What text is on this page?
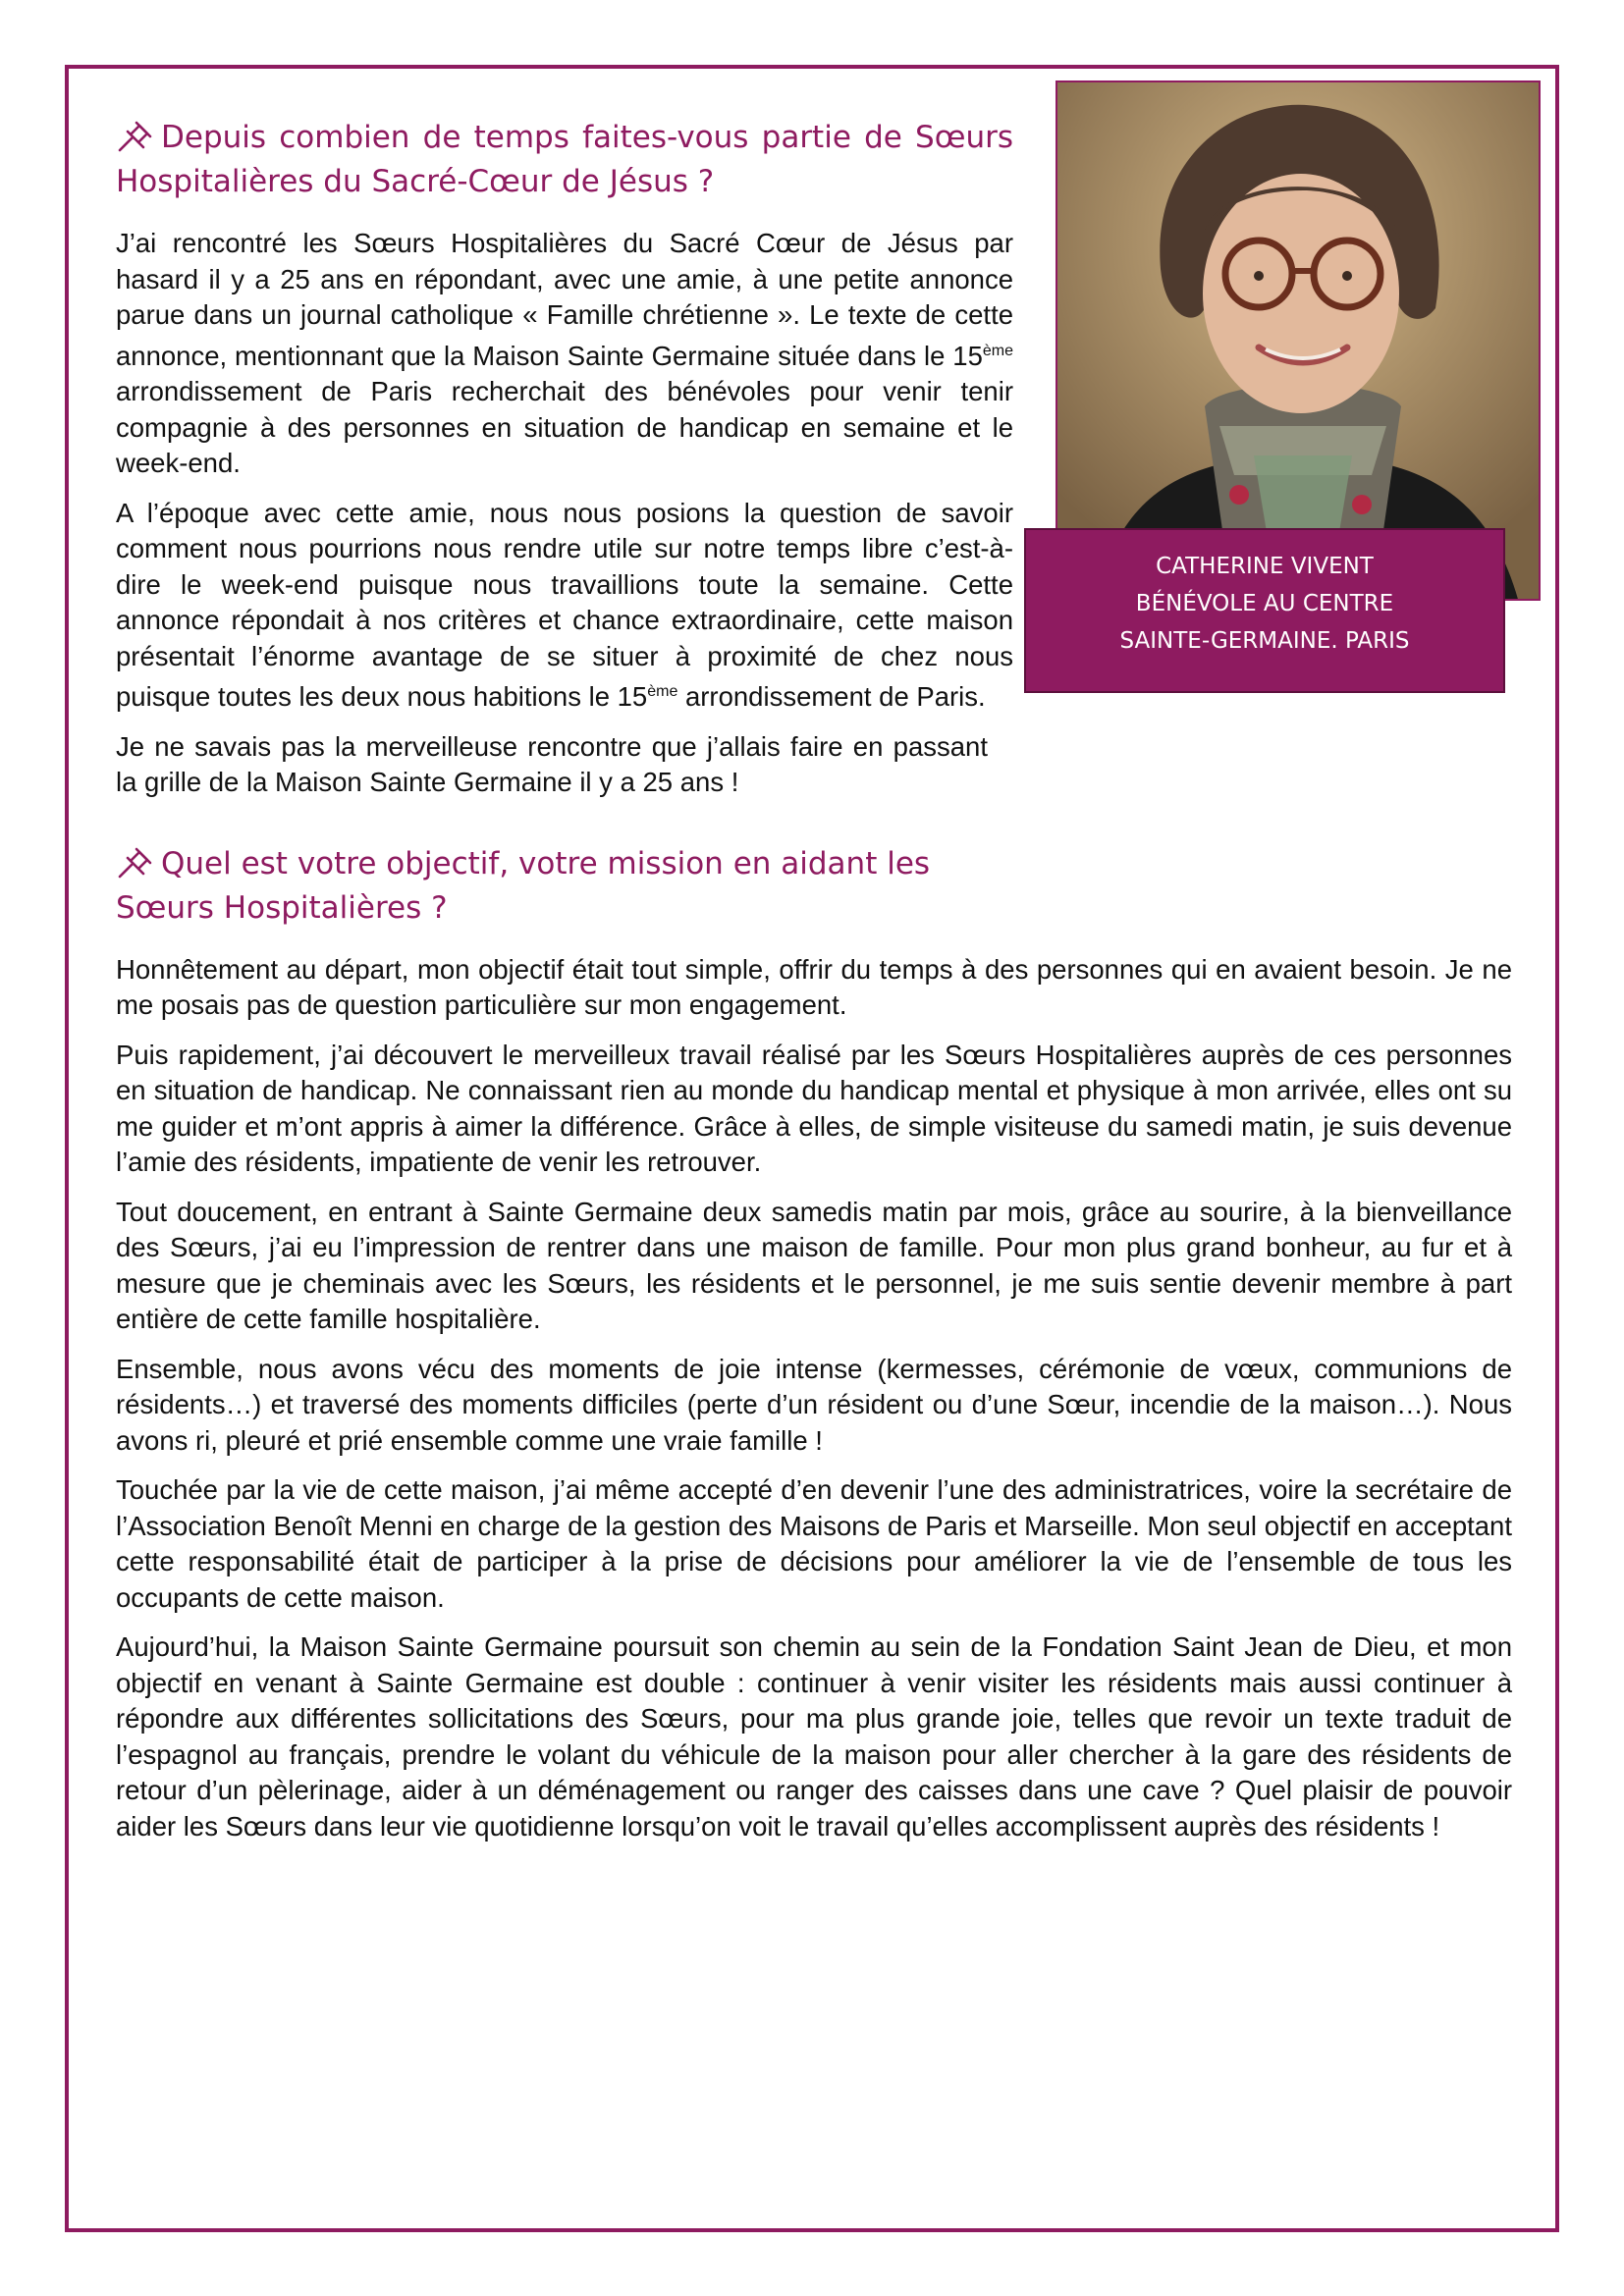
CATHERINE VIVENT
BÉNÉVOLE AU CENTRE
SAINTE-GERMAINE. PARIS
Depuis combien de temps faites-vous partie de Sœurs Hospitalières du Sacré-Cœur de Jésus ?

J’ai rencontré les Sœurs Hospitalières du Sacré Cœur de Jésus par hasard il y a 25 ans en répondant, avec une amie, à une petite annonce parue dans un journal catholique « Famille chrétienne ». Le texte de cette annonce, mentionnant que la Maison Sainte Germaine située dans le 15ème arrondissement de Paris recherchait des bénévoles pour venir tenir compagnie à des personnes en situation de handicap en semaine et le week-end.

A l’époque avec cette amie, nous nous posions la question de savoir comment nous pourrions nous rendre utile sur notre temps libre c’est-à-dire le week-end puisque nous travaillions toute la semaine. Cette annonce répondait à nos critères et chance extraordinaire, cette maison présentait l’énorme avantage de se situer à proximité de chez nous puisque toutes les deux nous habitions le 15ème arrondissement de Paris.

Je ne savais pas la merveilleuse rencontre que j’allais faire en passant la grille de la Maison Sainte Germaine il y a 25 ans !

Quel est votre objectif, votre mission en aidant les Sœurs Hospitalières ?

Honnêtement au départ, mon objectif était tout simple, offrir du temps à des personnes qui en avaient besoin. Je ne me posais pas de question particulière sur mon engagement.

Puis rapidement, j’ai découvert le merveilleux travail réalisé par les Sœurs Hospitalières auprès de ces personnes en situation de handicap. Ne connaissant rien au monde du handicap mental et physique à mon arrivée, elles ont su me guider et m’ont appris à aimer la différence. Grâce à elles, de simple visiteuse du samedi matin, je suis devenue l’amie des résidents, impatiente de venir les retrouver.

Tout doucement, en entrant à Sainte Germaine deux samedis matin par mois, grâce au sourire, à la bienveillance des Sœurs, j’ai eu l’impression de rentrer dans une maison de famille. Pour mon plus grand bonheur, au fur et à mesure que je cheminais avec les Sœurs, les résidents et le personnel, je me suis sentie devenir membre à part entière de cette famille hospitalière.

Ensemble, nous avons vécu des moments de joie intense (kermesses, cérémonie de vœux, communions de résidents…) et traversé des moments difficiles (perte d’un résident ou d’une Sœur, incendie de la maison…). Nous avons ri, pleuré et prié ensemble comme une vraie famille !

Touchée par la vie de cette maison, j’ai même accepté d’en devenir l’une des administratrices, voire la secrétaire de l’Association Benoît Menni en charge de la gestion des Maisons de Paris et Marseille. Mon seul objectif en acceptant cette responsabilité était de participer à la prise de décisions pour améliorer la vie de l’ensemble de tous les occupants de cette maison.

Aujourd’hui, la Maison Sainte Germaine poursuit son chemin au sein de la Fondation Saint Jean de Dieu, et mon objectif en venant à Sainte Germaine est double : continuer à venir visiter les résidents mais aussi continuer à répondre aux différentes sollicitations des Sœurs, pour ma plus grande joie, telles que revoir un texte traduit de l’espagnol au français, prendre le volant du véhicule de la maison pour aller chercher à la gare des résidents de retour d’un pèlerinage, aider à un déménagement ou ranger des caisses dans une cave ? Quel plaisir de pouvoir aider les Sœurs dans leur vie quotidienne lorsqu’on voit le travail qu’elles accomplissent auprès des résidents !
